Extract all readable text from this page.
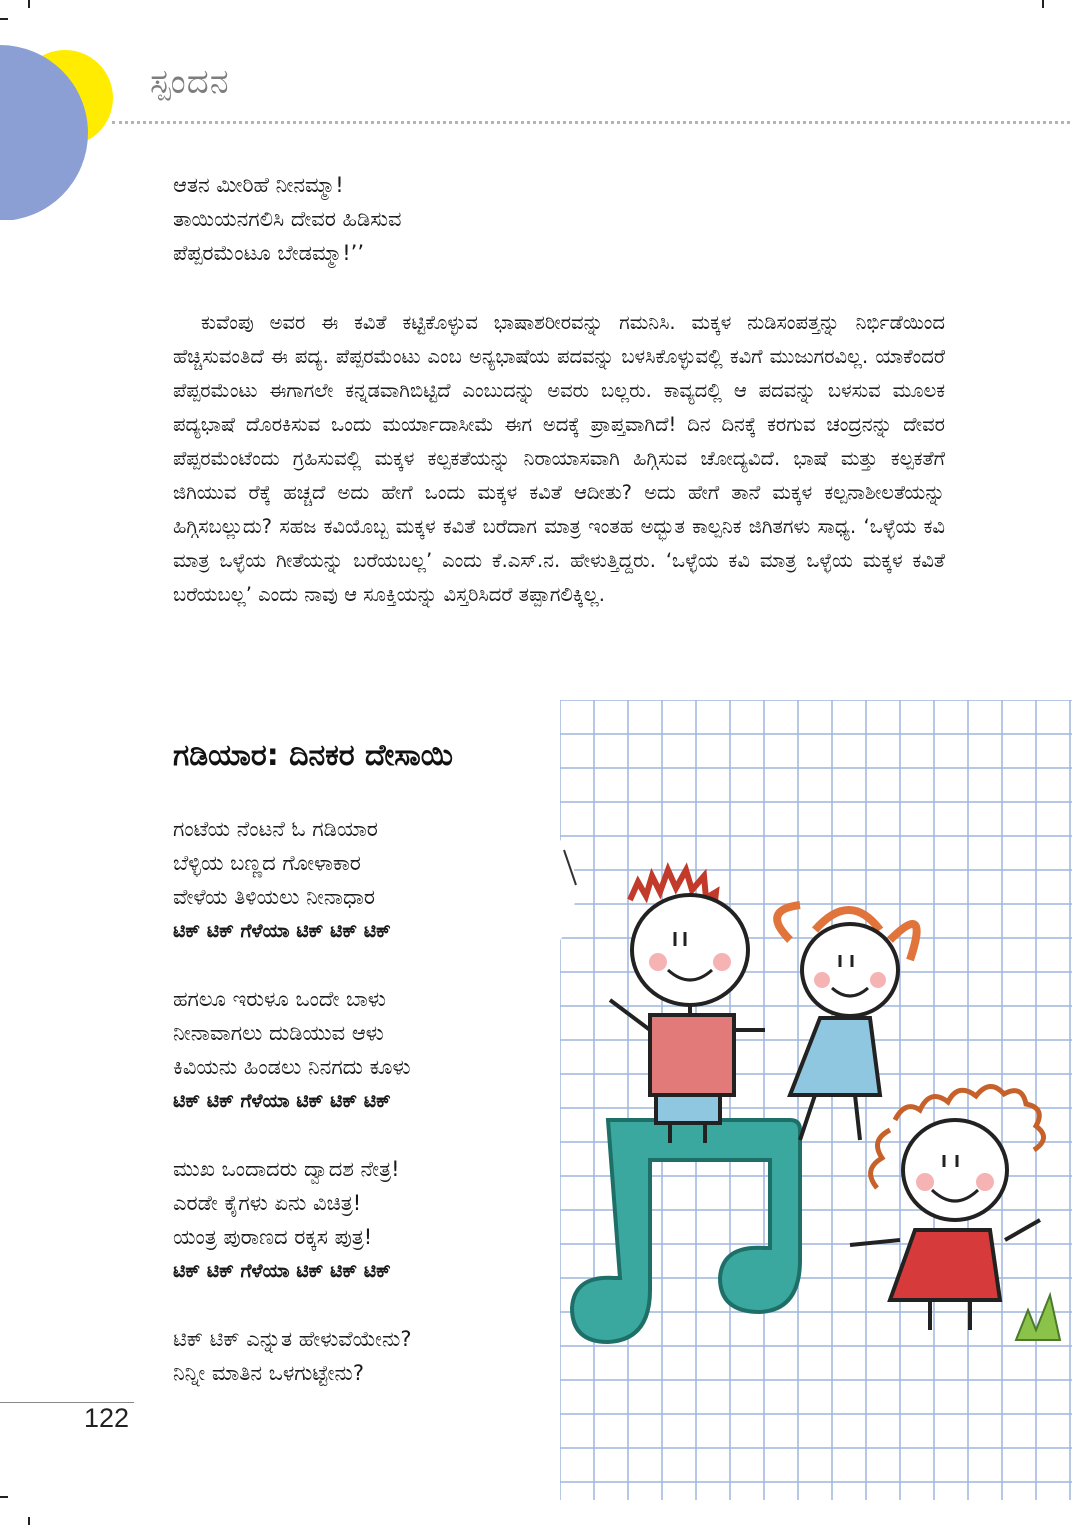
ಸ್ಪಂದನ
ಆತನ ಮೀರಿಹೆ ನೀನಮ್ಮಾ!
ತಾಯಿಯನಗಲಿಸಿ ದೇವರ ಹಿಡಿಸುವ
ಪೆಪ್ಪರಮೆಂಟೂ ಬೇಡಮ್ಮಾ!’’
ಕುವೆಂಪು ಅವರ ಈ ಕವಿತೆ ಕಟ್ಟಿಕೊಳ್ಳುವ ಭಾಷಾಶರೀರವನ್ನು ಗಮನಿಸಿ. ಮಕ್ಕಳ ನುಡಿಸಂಪತ್ತನ್ನು ನಿರ್ಭಿಡೆಯಿಂದ ಹೆಚ್ಚಿಸುವಂತಿದೆ ಈ ಪದ್ಯ. ಪೆಪ್ಪರಮೆಂಟು ಎಂಬ ಅನ್ಯಭಾಷೆಯ ಪದವನ್ನು ಬಳಸಿಕೊಳ್ಳುವಲ್ಲಿ ಕವಿಗೆ ಮುಜುಗರವಿಲ್ಲ. ಯಾಕೆಂದರೆ ಪೆಪ್ಪರಮೆಂಟು ಈಗಾಗಲೇ ಕನ್ನಡವಾಗಿಬಿಟ್ಟಿದೆ ಎಂಬುದನ್ನು ಅವರು ಬಲ್ಲರು. ಕಾವ್ಯದಲ್ಲಿ ಆ ಪದವನ್ನು ಬಳಸುವ ಮೂಲಕ ಪದ್ಯಭಾಷೆ ದೊರಕಿಸುವ ಒಂದು ಮರ್ಯಾದಾಸೀಮೆ ಈಗ ಅದಕ್ಕೆ ಪ್ರಾಪ್ತವಾಗಿದೆ! ದಿನ ದಿನಕ್ಕೆ ಕರಗುವ ಚಂದ್ರನನ್ನು ದೇವರ ಪೆಪ್ಪರಮೆಂಟೆಂದು ಗ್ರಹಿಸುವಲ್ಲಿ ಮಕ್ಕಳ ಕಲ್ಪಕತೆಯನ್ನು ನಿರಾಯಾಸವಾಗಿ ಹಿಗ್ಗಿಸುವ ಚೋದ್ಯವಿದೆ. ಭಾಷೆ ಮತ್ತು ಕಲ್ಪಕತೆಗೆ ಜಿಗಿಯುವ ರೆಕ್ಕೆ ಹಚ್ಚದೆ ಅದು ಹೇಗೆ ಒಂದು ಮಕ್ಕಳ ಕವಿತೆ ಆದೀತು? ಅದು ಹೇಗೆ ತಾನೆ ಮಕ್ಕಳ ಕಲ್ಪನಾಶೀಲತೆಯನ್ನು ಹಿಗ್ಗಿಸಬಲ್ಲುದು? ಸಹಜ ಕವಿಯೊಬ್ಬ ಮಕ್ಕಳ ಕವಿತೆ ಬರೆದಾಗ ಮಾತ್ರ ಇಂತಹ ಅದ್ಭುತ ಕಾಲ್ಪನಿಕ ಜಿಗಿತಗಳು ಸಾಧ್ಯ. ‘ಒಳ್ಳೆಯ ಕವಿ ಮಾತ್ರ ಒಳ್ಳೆಯ ಗೀತೆಯನ್ನು ಬರೆಯಬಲ್ಲ’ ಎಂದು ಕೆ.ಎಸ್.ನ. ಹೇಳುತ್ತಿದ್ದರು. ‘ಒಳ್ಳೆಯ ಕವಿ ಮಾತ್ರ ಒಳ್ಳೆಯ ಮಕ್ಕಳ ಕವಿತೆ ಬರೆಯಬಲ್ಲ’ ಎಂದು ನಾವು ಆ ಸೂಕ್ತಿಯನ್ನು ವಿಸ್ತರಿಸಿದರೆ ತಪ್ಪಾಗಲಿಕ್ಕಿಲ್ಲ.
ಗಡಿಯಾರ: ದಿನಕರ ದೇಸಾಯಿ
ಗಂಟೆಯ ನೆಂಟನೆ ಓ ಗಡಿಯಾರ
ಬೆಳ್ಳಿಯ ಬಣ್ಣದ ಗೋಳಾಕಾರ
ವೇಳೆಯ ತಿಳಿಯಲು ನೀನಾಧಾರ
ಟಿಕ್ ಟಿಕ್ ಗೆಳೆಯಾ ಟಿಕ್ ಟಿಕ್ ಟಿಕ್
ಹಗಲೂ ಇರುಳೂ ಒಂದೇ ಬಾಳು
ನೀನಾವಾಗಲು ದುಡಿಯುವ ಆಳು
ಕಿವಿಯನು ಹಿಂಡಲು ನಿನಗದು ಕೂಳು
ಟಿಕ್ ಟಿಕ್ ಗೆಳೆಯಾ ಟಿಕ್ ಟಿಕ್ ಟಿಕ್
ಮುಖ ಒಂದಾದರು ದ್ವಾದಶ ನೇತ್ರ!
ಎರಡೇ ಕೈಗಳು ಏನು ವಿಚಿತ್ರ!
ಯಂತ್ರ ಪುರಾಣದ ರಕ್ಕಸ ಪುತ್ರ!
ಟಿಕ್ ಟಿಕ್ ಗೆಳೆಯಾ ಟಿಕ್ ಟಿಕ್ ಟಿಕ್
ಟಿಕ್ ಟಿಕ್ ಎನ್ನುತ ಹೇಳುವೆಯೇನು?
ನಿನ್ನೀ ಮಾತಿನ ಒಳಗುಟ್ಟೇನು?
122
